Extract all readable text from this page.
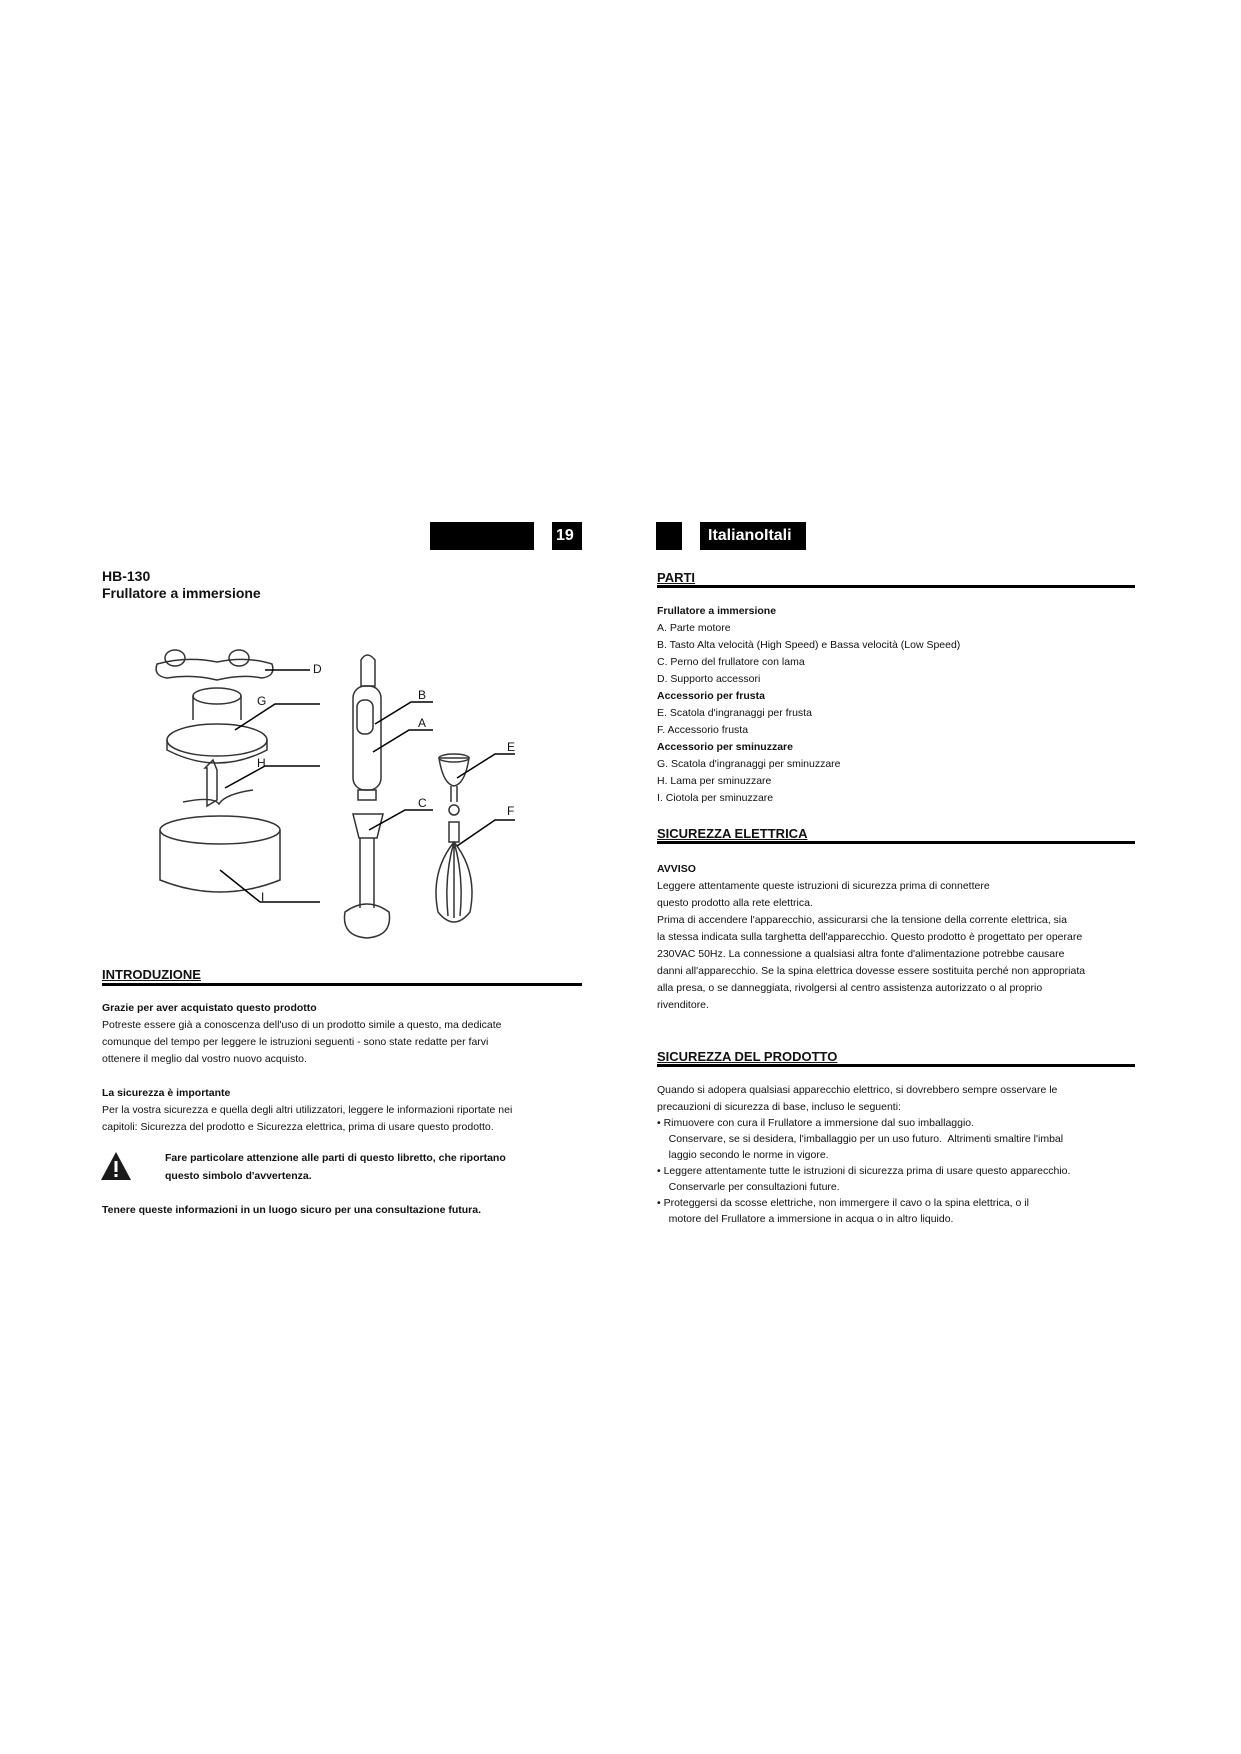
19	ItalianoItali
HB-130
Frullatore a immersione
D
G
H
I
B
A
C
E
F
INTRODUZIONE
Grazie per aver acquistato questo prodotto
Potreste essere già a conoscenza dell'uso di un prodotto simile a questo, ma dedicate
comunque del tempo per leggere le istruzioni seguenti - sono state redatte per farvi
ottenere il meglio dal vostro nuovo acquisto.
La sicurezza è importante
Per la vostra sicurezza e quella degli altri utilizzatori, leggere le informazioni riportate nei
capitoli: Sicurezza del prodotto e Sicurezza elettrica, prima di usare questo prodotto.
Fare particolare attenzione alle parti di questo libretto, che riportano
questo simbolo d'avvertenza.
Tenere queste informazioni in un luogo sicuro per una consultazione futura.
PARTI
Frullatore a immersione
A. Parte motore
B. Tasto Alta velocità (High Speed) e Bassa velocità (Low Speed)
C. Perno del frullatore con lama
D. Supporto accessori
Accessorio per frusta
E. Scatola d'ingranaggi per frusta
F. Accessorio frusta
Accessorio per sminuzzare
G. Scatola d'ingranaggi per sminuzzare
H. Lama per sminuzzare
I. Ciotola per sminuzzare
SICUREZZA ELETTRICA
AVVISO
Leggere attentamente queste istruzioni di sicurezza prima di connettere
questo prodotto alla rete elettrica.
Prima di accendere l'apparecchio, assicurarsi che la tensione della corrente elettrica, sia
la stessa indicata sulla targhetta dell'apparecchio. Questo prodotto è progettato per operare
230VAC 50Hz. La connessione a qualsiasi altra fonte d'alimentazione potrebbe causare
danni all'apparecchio. Se la spina elettrica dovesse essere sostituita perché non appropriata
alla presa, o se danneggiata, rivolgersi al centro assistenza autorizzato o al proprio
rivenditore.
SICUREZZA DEL PRODOTTO
Quando si adopera qualsiasi apparecchio elettrico, si dovrebbero sempre osservare le
precauzioni di sicurezza di base, incluso le seguenti:
• Rimuovere con cura il Frullatore a immersione dal suo imballaggio.
Conservare, se si desidera, l'imballaggio per un uso futuro.  Altrimenti smaltire l'imbal
laggio secondo le norme in vigore.
• Leggere attentamente tutte le istruzioni di sicurezza prima di usare questo apparecchio.
Conservarle per consultazioni future.
• Proteggersi da scosse elettriche, non immergere il cavo o la spina elettrica, o il
motore del Frullatore a immersione in acqua o in altro liquido.
